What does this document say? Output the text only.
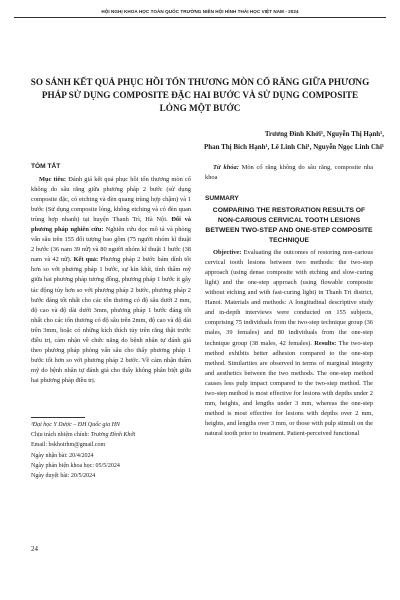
HỘI NGHỊ KHOA HỌC TOÀN QUỐC TRƯỜNG NIÊN HỘI HÌNH THÁI HỌC VIỆT NAM - 2024
SO SÁNH KẾT QUẢ PHỤC HỒI TỔN THƯƠNG MÒN CỔ RĂNG GIỮA PHƯƠNG PHÁP SỬ DỤNG COMPOSITE ĐẶC HAI BƯỚC VÀ SỬ DỤNG COMPOSITE LỎNG MỘT BƯỚC
Trương Đình Khởi¹, Nguyễn Thị Hạnh¹,
Phan Thị Bích Hạnh¹, Lê Linh Chi¹, Nguyễn Ngọc Linh Chi¹
TÓM TẮT

Mục tiêu: Đánh giá kết quả phục hồi tổn thương mòn cổ không do sâu răng giữa phương pháp 2 bước (sử dụng composite đặc, có etching và đèn quang trùng hợp chậm) và 1 bước (Sử dụng composite lỏng, không etching và có đèn quan trùng hợp nhanh) tại huyện Thanh Trì, Hà Nội. Đối và phương pháp nghiên cứu: Nghiên cứu dọc mô tả và phỏng vấn sâu trên 155 đối tượng bao gồm (75 người nhóm kĩ thuật 2 bước (36 nam 39 nữ) và 80 người nhóm kĩ thuật 1 bước (38 nam và 42 nữ). Kết quả: Phương pháp 2 bước bám dính tốt hơn so với phương pháp 1 bước, sự kín khít, tính thẩm mỹ giữa hai phương pháp tương đồng, phương pháp 1 bước ít gây tác động tủy hơn so với phương pháp 2 bước, phương pháp 2 bước đáng tốt nhất cho các tổn thương có độ sâu dưới 2 mm, độ cao và độ dài dưới 3mm, phương pháp 1 bước đáng tốt nhất cho các tổn thương có độ sâu trên 2mm, độ cao và độ dài trên 3mm, hoặc có những kích thích tủy trên răng thật trước điều trị, cảm nhận về chức năng do bệnh nhân tự đánh giá theo phương pháp phỏng vấn sâu cho thấy phương pháp 1 bước tốt hơn so với phương pháp 2 bước. Về cảm nhận thẩm mỹ do bệnh nhân tự đánh giá cho thấy không phân biệt giữa hai phương pháp điều trị.

¹Đại học Y Dược – ĐH Quốc gia HN
Chịu trách nhiệm chính: Trương Đình Khởi
Email: bskhoirhm@gmail.com
Ngày nhận bài: 20/4/2024
Ngày phản biện khoa học: 05/5/2024
Ngày duyệt bài: 20/5/2024
24

Từ khóa: Mòn cổ răng không do sâu răng, composite nha khoa

SUMMARY
COMPARING THE RESTORATION RESULTS OF NON-CARIOUS CERVICAL TOOTH LESIONS BETWEEN TWO-STEP AND ONE-STEP COMPOSITE TECHNIQUE

Objective: Evaluating the outcomes of restoring non-carious cervical tooth lesions between two methods: the two-step approach (using dense composite with etching and slow-curing light) and the one-step approach (using flowable composite without etching and with fast-curing light) in Thanh Tri district, Hanoi. Materials and methods: A longitudinal descriptive study and in-depth interviews were conducted on 155 subjects, comprising 75 individuals from the two-step technique group (36 males, 39 females) and 80 individuals from the one-step technique group (38 males, 42 females). Results: The two-step method exhibits better adhesion compared to the one-step method. Similarities are observed in terms of marginal integrity and aesthetics between the two methods. The one-step method causes less pulp impact compared to the two-step method. The two-step method is most effective for lesions with depths under 2 mm, heights, and lengths under 3 mm, whereas the one-step method is most effective for lesions with depths over 2 mm, heights, and lengths over 3 mm, or those with pulp stimuli on the natural tooth prior to treatment. Patient-perceived functional
